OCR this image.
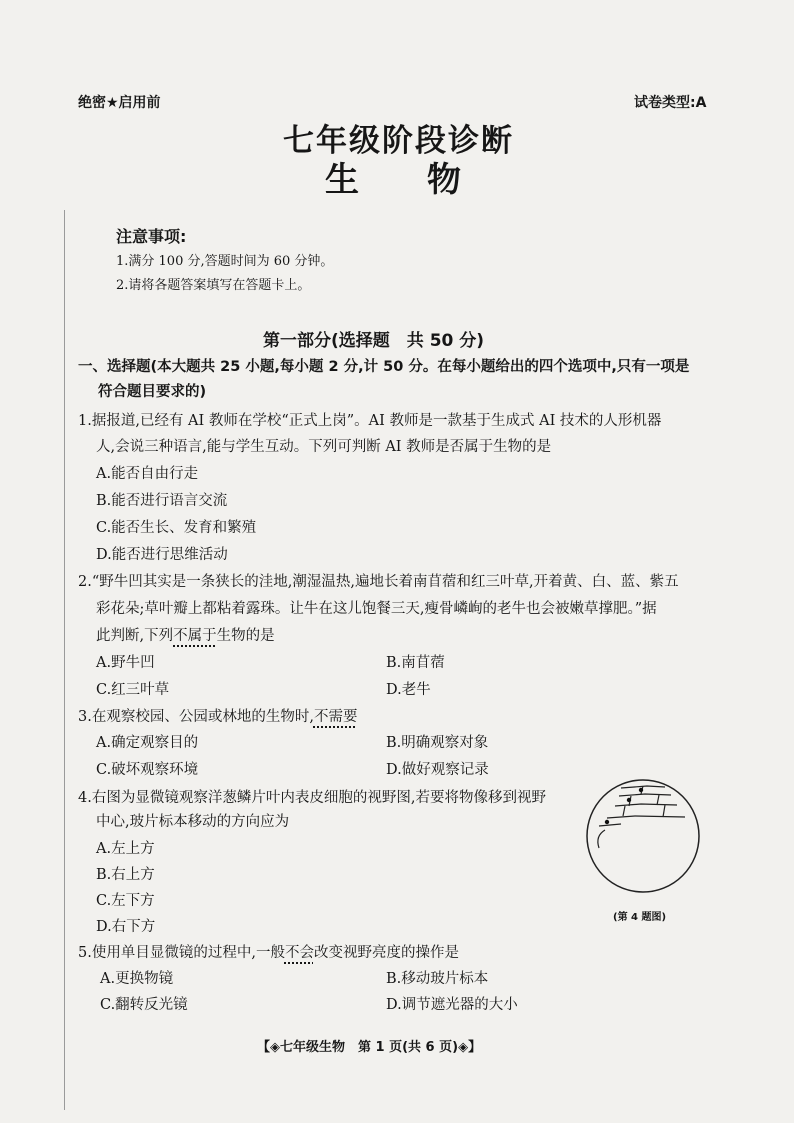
绝密★启用前	试卷类型:A
七年级阶段诊断
生　　物
注意事项:
1.满分 100 分,答题时间为 60 分钟。
2.请将各题答案填写在答题卡上。
第一部分(选择题　共 50 分)
一、选择题(本大题共 25 小题,每小题 2 分,计 50 分。在每小题给出的四个选项中,只有一项是
符合题目要求的)
1.据报道,已经有 AI 教师在学校“正式上岗”。AI 教师是一款基于生成式 AI 技术的人形机器
人,会说三种语言,能与学生互动。下列可判断 AI 教师是否属于生物的是
A.能否自由行走
B.能否进行语言交流
C.能否生长、发育和繁殖
D.能否进行思维活动
2.“野牛凹其实是一条狭长的洼地,潮湿温热,遍地长着南苜蓿和红三叶草,开着黄、白、蓝、紫五
彩花朵;草叶瓣上都粘着露珠。让牛在这儿饱餐三天,瘦骨嶙峋的老牛也会被嫩草撑肥。”据
此判断,下列不属于生物的是
A.野牛凹	B.南苜蓿
C.红三叶草	D.老牛
3.在观察校园、公园或林地的生物时,不需要
A.确定观察目的	B.明确观察对象
C.破坏观察环境	D.做好观察记录
4.右图为显微镜观察洋葱鳞片叶内表皮细胞的视野图,若要将物像移到视野
中心,玻片标本移动的方向应为
A.左上方
B.右上方
C.左下方
D.右下方
(第 4 题图)
5.使用单目显微镜的过程中,一般不会改变视野亮度的操作是
A.更换物镜	B.移动玻片标本
C.翻转反光镜	D.调节遮光器的大小
【◈七年级生物　第 1 页(共 6 页)◈】
